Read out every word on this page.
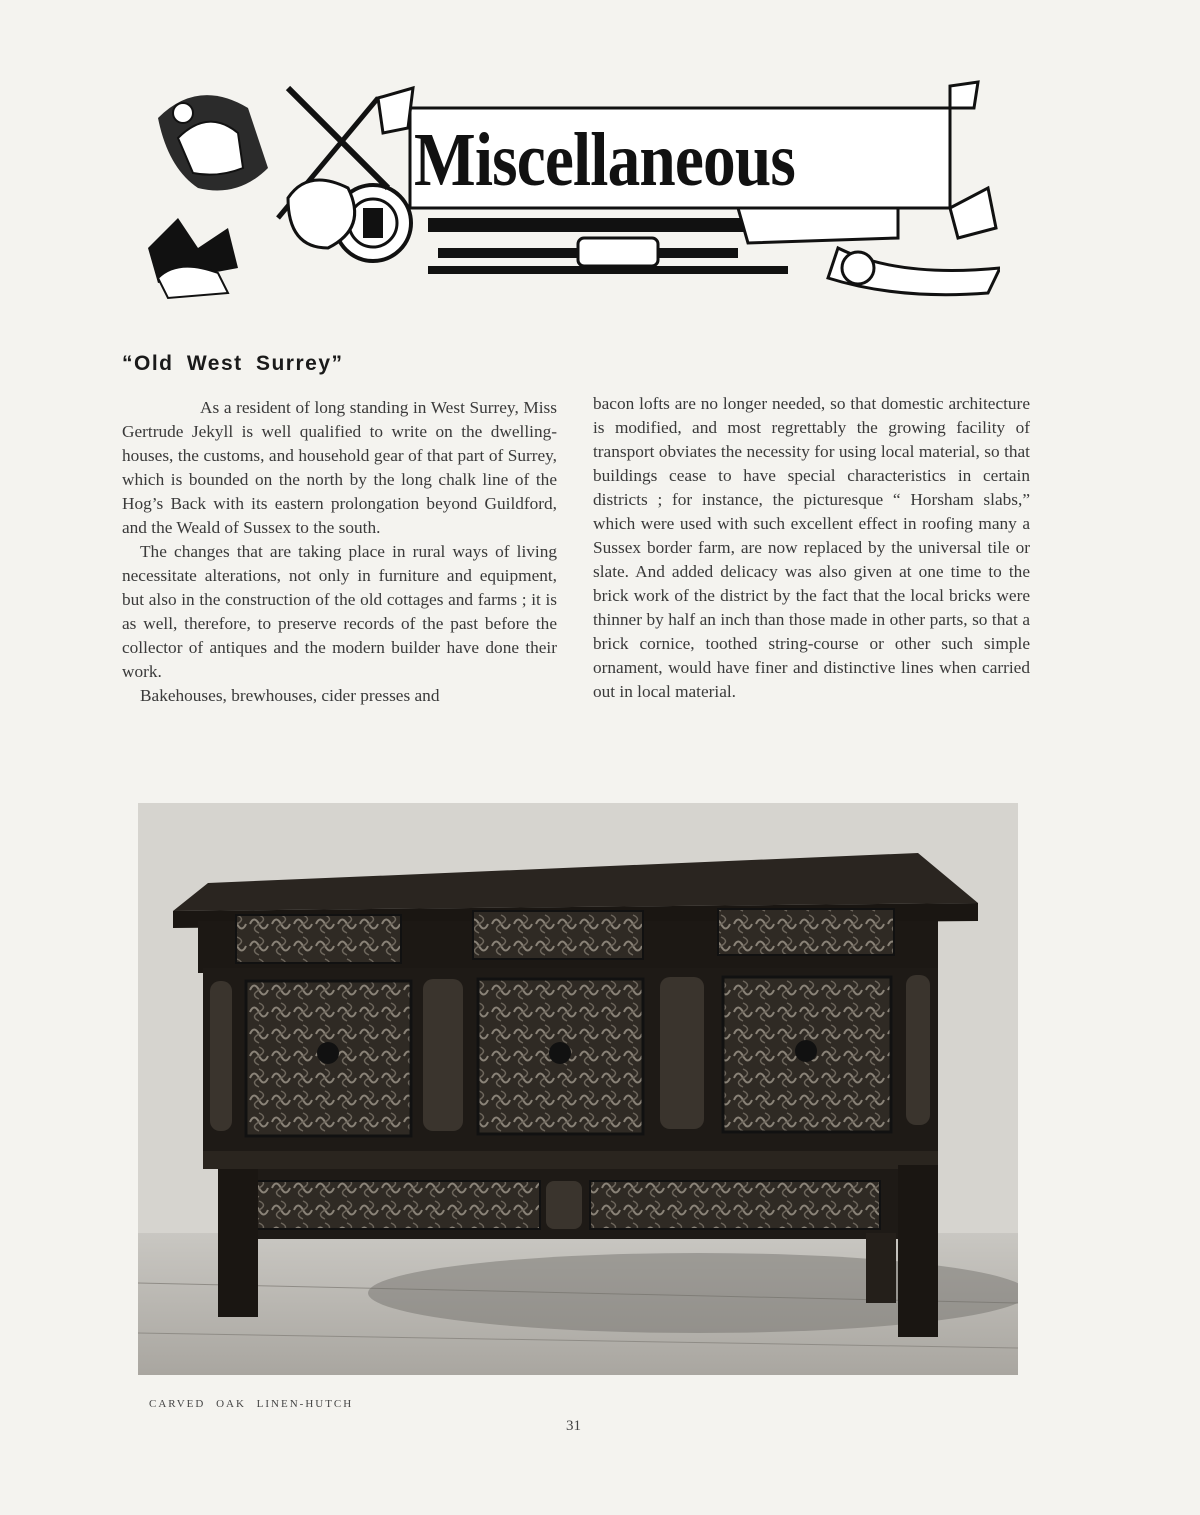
Miscellaneous
“Old West Surrey”

As a resident of long standing in West Surrey, Miss Gertrude Jekyll is well qualified to write on the dwelling-houses, the customs, and household gear of that part of Surrey, which is bounded on the north by the long chalk line of the Hog’s Back with its eastern prolongation beyond Guildford, and the Weald of Sussex to the south.

The changes that are taking place in rural ways of living necessitate alterations, not only in furniture and equipment, but also in the construction of the old cottages and farms ; it is as well, therefore, to preserve records of the past before the collector of antiques and the modern builder have done their work.

Bakehouses, brewhouses, cider presses and

bacon lofts are no longer needed, so that domestic architecture is modified, and most regrettably the growing facility of transport obviates the necessity for using local material, so that buildings cease to have special characteristics in certain districts ; for instance, the picturesque “ Horsham slabs,” which were used with such excellent effect in roofing many a Sussex border farm, are now replaced by the universal tile or slate. And added delicacy was also given at one time to the brick work of the district by the fact that the local bricks were thinner by half an inch than those made in other parts, so that a brick cornice, toothed string-course or other such simple ornament, would have finer and distinctive lines when carried out in local material.

CARVED OAK LINEN-HUTCH
31
